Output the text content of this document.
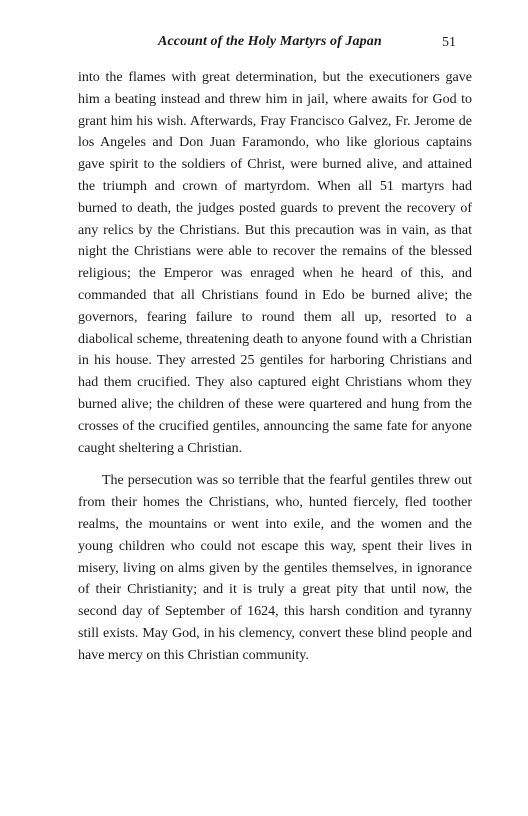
Account of the Holy Martyrs of Japan	51

into the flames with great determination, but the executioners gave him a beating instead and threw him in jail, where awaits for God to grant him his wish. Afterwards, Fray Francisco Galvez, Fr. Jerome de los Angeles and Don Juan Faramondo, who like glorious captains gave spirit to the soldiers of Christ, were burned alive, and attained the triumph and crown of martyrdom. When all 51 martyrs had burned to death, the judges posted guards to prevent the recovery of any relics by the Christians. But this precaution was in vain, as that night the Christians were able to recover the remains of the blessed religious; the Emperor was enraged when he heard of this, and commanded that all Christians found in Edo be burned alive; the governors, fearing failure to round them all up, resorted to a diabolical scheme, threatening death to anyone found with a Christian in his house. They arrested 25 gentiles for harboring Christians and had them crucified. They also captured eight Christians whom they burned alive; the children of these were quartered and hung from the crosses of the crucified gentiles, announcing the same fate for anyone caught sheltering a Christian.

The persecution was so terrible that the fearful gentiles threw out from their homes the Christians, who, hunted fiercely, fled toother realms, the mountains or went into exile, and the women and the young children who could not escape this way, spent their lives in misery, living on alms given by the gentiles themselves, in ignorance of their Christianity; and it is truly a great pity that until now, the second day of September of 1624, this harsh condition and tyranny still exists. May God, in his clemency, convert these blind people and have mercy on this Christian community.
